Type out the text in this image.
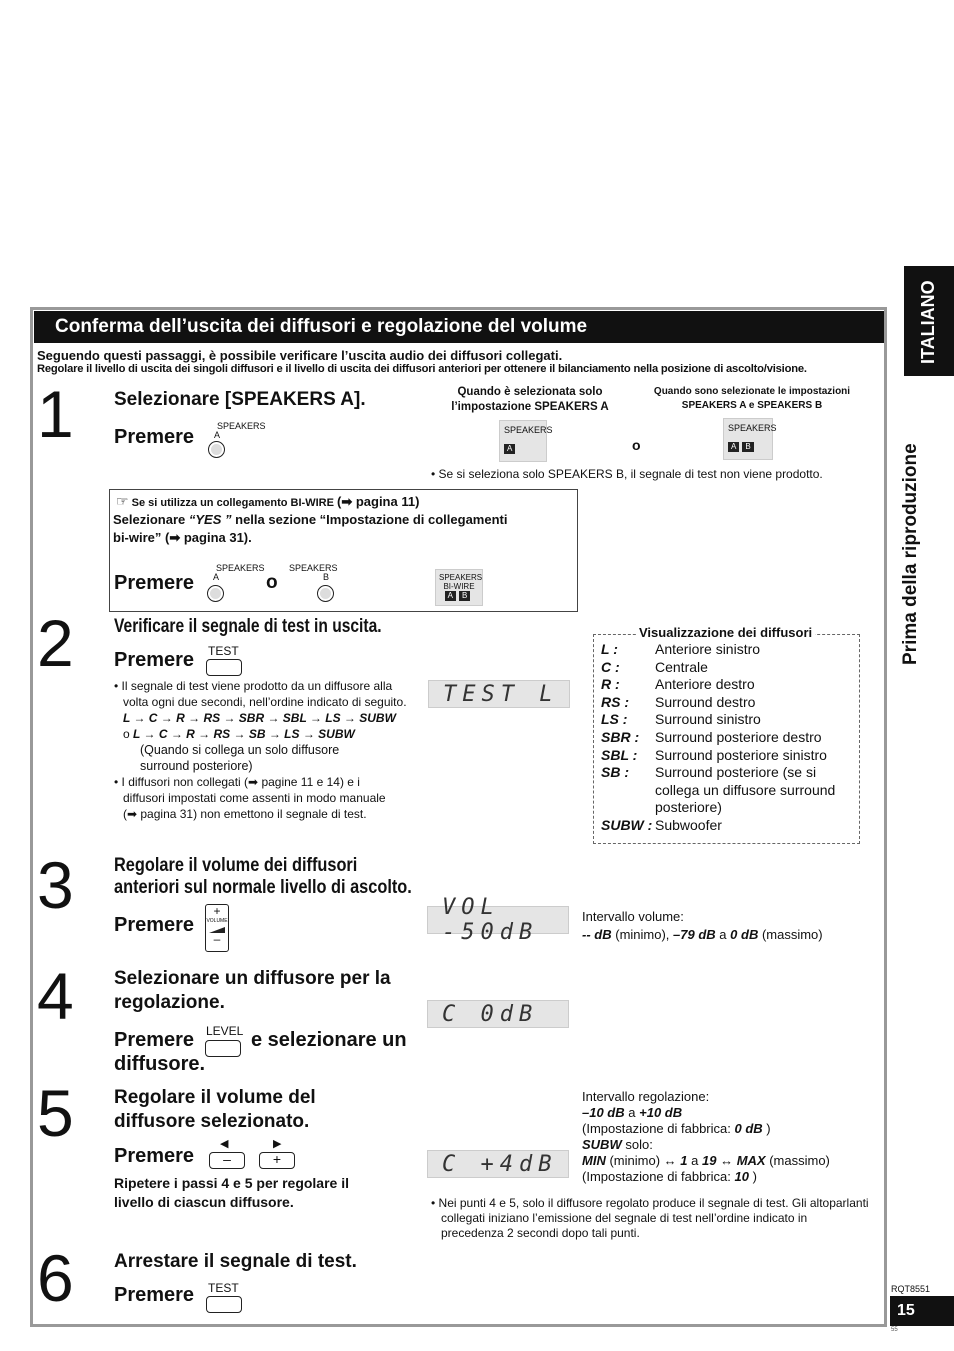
ITALIANO
Prima della riproduzione
Conferma dell’uscita dei diffusori e regolazione del volume
Seguendo questi passaggi, è possibile verificare l’uscita audio dei diffusori collegati.
Regolare il livello di uscita dei singoli diffusori e il livello di uscita dei diffusori anteriori per ottenere il bilanciamento nella posizione di ascolto/visione.
1 Selezionare [SPEAKERS A].
Premere	SPEAKERS
A
Quando è selezionata solo
l’impostazione SPEAKERS A
SPEAKERS
A	o
Quando sono selezionate le impostazioni
SPEAKERS A e SPEAKERS B
SPEAKERS
A B
• Se si seleziona solo SPEAKERS B, il segnale di test non viene prodotto.
☞ Se si utilizza un collegamento BI-WIRE (➡ pagina 11)
Selezionare “YES ” nella sezione “Impostazione di collegamenti
bi-wire” (➡ pagina 31).
Premere
SPEAKERS
A o
SPEAKERS
B	SPEAKERS
BI-WIRE
A B
2 Verificare il segnale di test in uscita.
Premere TEST
• Il segnale di test viene prodotto da un diffusore alla
volta ogni due secondi, nell’ordine indicato di seguito.
L → C → R → RS → SBR → SBL → LS → SUBW
o L → C → R → RS → SB → LS → SUBW
(Quando si collega un solo diffusore
surround posteriore)
• I diffusori non collegati (➡ pagine 11 e 14) e i
diffusori impostati come assenti in modo manuale
(➡ pagina 31) non emettono il segnale di test.
TEST L
Visualizzazione dei diffusori
L :	Anteriore sinistro
C :	Centrale
R :	Anteriore destro
RS : Surround destro
LS : Surround sinistro
SBR : Surround posteriore destro
SBL : Surround posteriore sinistro
SB : Surround posteriore (se si
collega un diffusore surround
posteriore)
SUBW : Subwoofer
3 Regolare il volume dei diffusori
anteriori sul normale livello di ascolto.
Premere
+
VOLUME
–
VOL -50dB
Intervallo volume:
-- dB (minimo), –79 dB a 0 dB (massimo)
4 Selezionare un diffusore per la
regolazione.
Premere LEVEL e selezionare un
diffusore.
C 0dB
5 Regolare il volume del
diffusore selezionato.
Premere
◀
–
▶
+
Ripetere i passi 4 e 5 per regolare il
livello di ciascun diffusore.
C +4dB
Intervallo regolazione:
–10 dB a +10 dB
(Impostazione di fabbrica: 0 dB )
SUBW solo:
MIN (minimo) ↔ 1 a 19 ↔ MAX (massimo)
(Impostazione di fabbrica: 10 )
• Nei punti 4 e 5, solo il diffusore regolato produce il segnale di test. Gli altoparlanti
collegati iniziano l’emissione del segnale di test nell’ordine indicato in
precedenza 2 secondi dopo tali punti.
6 Arrestare il segnale di test.
Premere TEST	RQT8551
15
55
